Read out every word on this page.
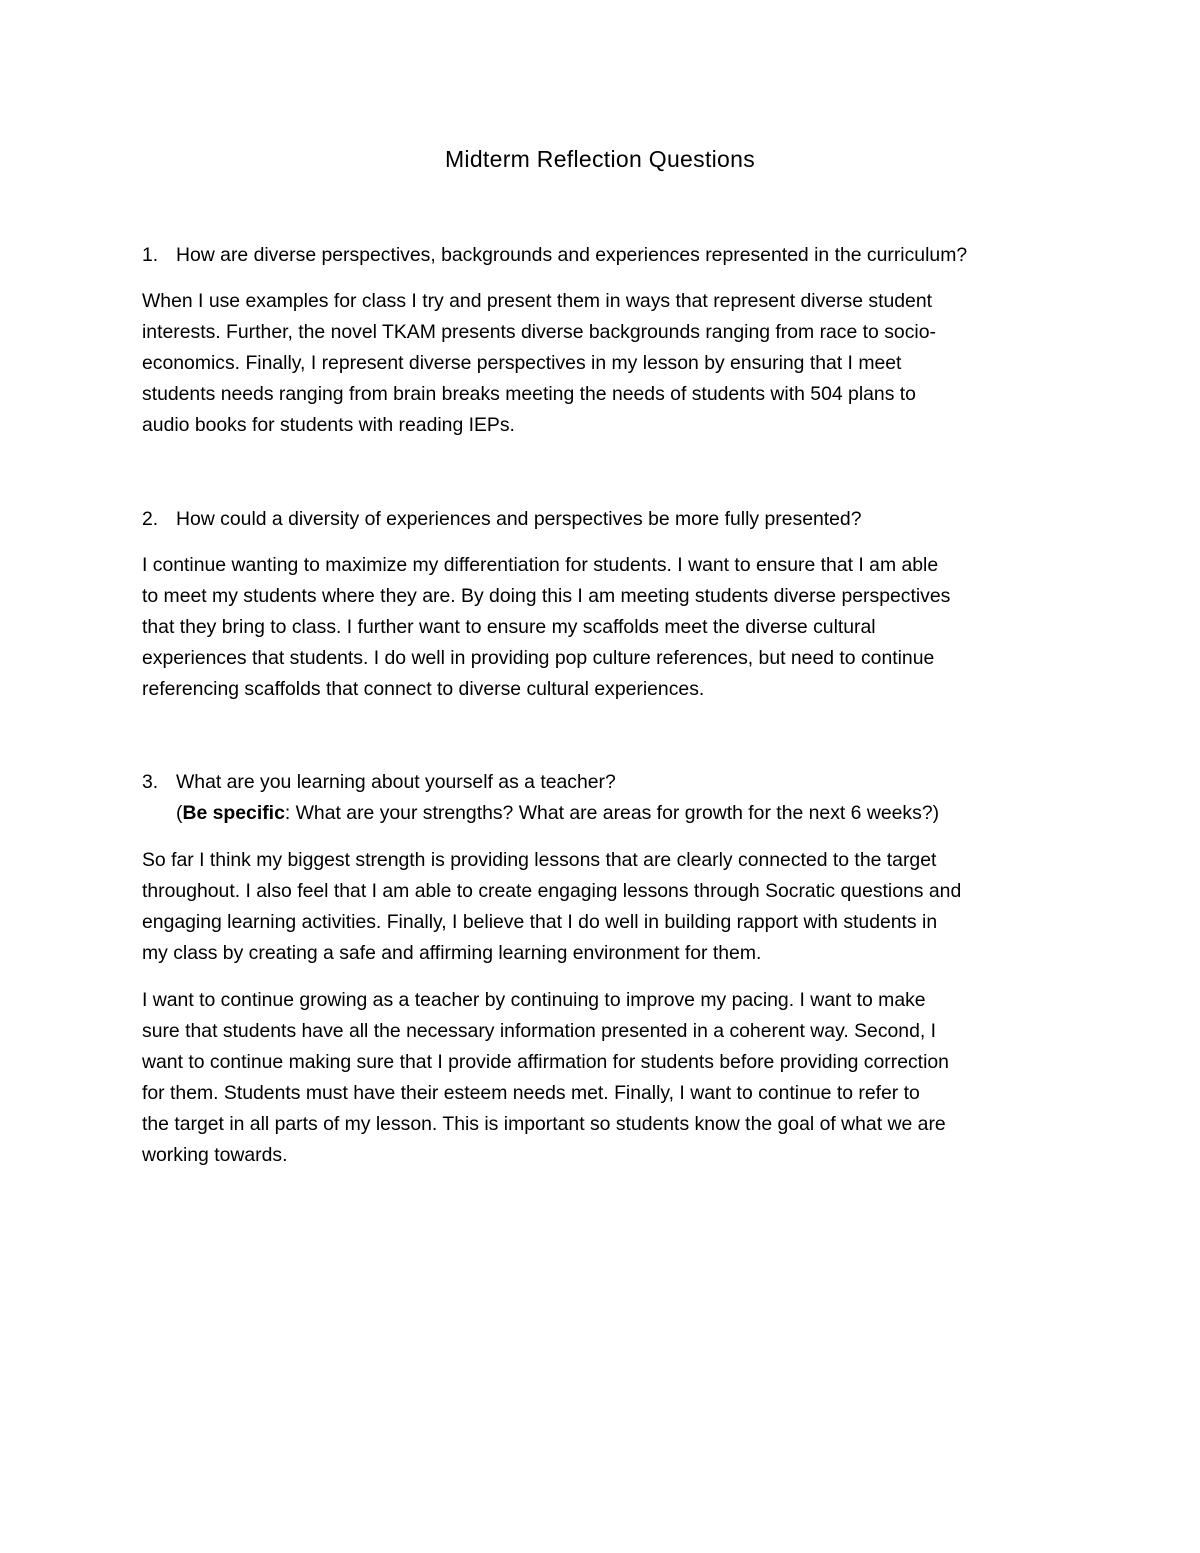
Midterm Reflection Questions
1. How are diverse perspectives, backgrounds and experiences represented in the curriculum?
When I use examples for class I try and present them in ways that represent diverse student
interests. Further, the novel TKAM presents diverse backgrounds ranging from race to socio-
economics. Finally, I represent diverse perspectives in my lesson by ensuring that I meet
students needs ranging from brain breaks meeting the needs of students with 504 plans to
audio books for students with reading IEPs.
2. How could a diversity of experiences and perspectives be more fully presented?
I continue wanting to maximize my differentiation for students. I want to ensure that I am able
to meet my students where they are. By doing this I am meeting students diverse perspectives
that they bring to class. I further want to ensure my scaffolds meet the diverse cultural
experiences that students. I do well in providing pop culture references, but need to continue
referencing scaffolds that connect to diverse cultural experiences.
3. What are you learning about yourself as a teacher?
(Be specific: What are your strengths? What are areas for growth for the next 6 weeks?)
So far I think my biggest strength is providing lessons that are clearly connected to the target
throughout. I also feel that I am able to create engaging lessons through Socratic questions and
engaging learning activities. Finally, I believe that I do well in building rapport with students in
my class by creating a safe and affirming learning environment for them.
I want to continue growing as a teacher by continuing to improve my pacing. I want to make
sure that students have all the necessary information presented in a coherent way. Second, I
want to continue making sure that I provide affirmation for students before providing correction
for them. Students must have their esteem needs met. Finally, I want to continue to refer to
the target in all parts of my lesson. This is important so students know the goal of what we are
working towards.
